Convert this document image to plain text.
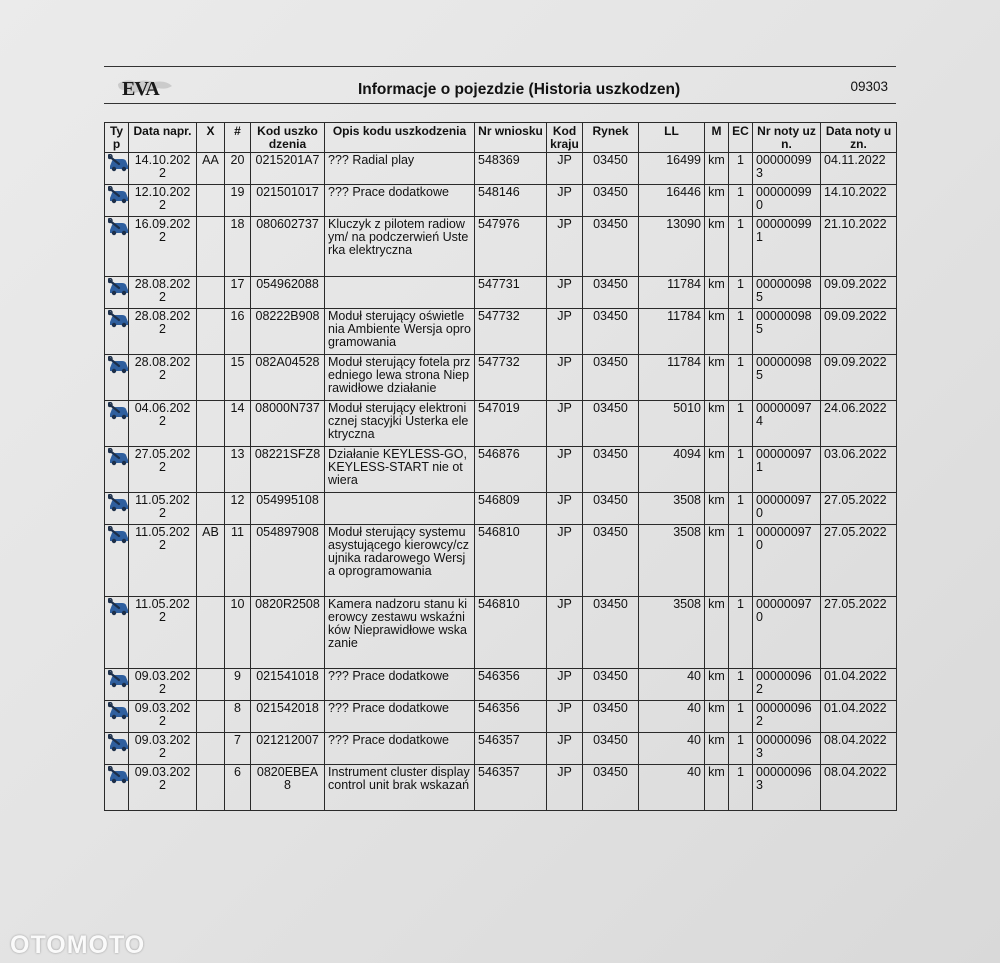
EVA	Informacje o pojezdzie (Historia uszkodzen)	09303
Typ	Data napr.	X	#	Kod uszkodzenia	Opis kodu uszkodzenia	Nr wniosku	Kod kraju	Rynek	LL	M	EC	Nr noty uzn.	Data noty uzn.
	14.10.2022	AA	20	0215201A7	??? Radial play	548369	JP	03450	16499	km	1	000000993	04.11.2022
	12.10.2022		19	021501017	??? Prace dodatkowe	548146	JP	03450	16446	km	1	000000990	14.10.2022
	16.09.2022		18	080602737	Kluczyk z pilotem radiowym/ na podczerwień Usterka elektryczna	547976	JP	03450	13090	km	1	000000991	21.10.2022
	28.08.2022		17	054962088		547731	JP	03450	11784	km	1	000000985	09.09.2022
	28.08.2022		16	08222B908	Moduł sterujący oświetlenia Ambiente Wersja oprogramowania	547732	JP	03450	11784	km	1	000000985	09.09.2022
	28.08.2022		15	082A04528	Moduł sterujący fotela przedniego lewa strona Nieprawidłowe działanie	547732	JP	03450	11784	km	1	000000985	09.09.2022
	04.06.2022		14	08000N737	Moduł sterujący elektronicznej stacyjki Usterka elektryczna	547019	JP	03450	5010	km	1	000000974	24.06.2022
	27.05.2022		13	08221SFZ8	Działanie KEYLESS-GO, KEYLESS-START nie otwiera	546876	JP	03450	4094	km	1	000000971	03.06.2022
	11.05.2022		12	054995108		546809	JP	03450	3508	km	1	000000970	27.05.2022
	11.05.2022	AB	11	054897908	Moduł sterujący systemu asystującego kierowcy/czujnika radarowego Wersja oprogramowania	546810	JP	03450	3508	km	1	000000970	27.05.2022
	11.05.2022		10	0820R2508	Kamera nadzoru stanu kierowcy zestawu wskaźników Nieprawidłowe wskazanie	546810	JP	03450	3508	km	1	000000970	27.05.2022
	09.03.2022		9	021541018	??? Prace dodatkowe	546356	JP	03450	40	km	1	000000962	01.04.2022
	09.03.2022		8	021542018	??? Prace dodatkowe	546356	JP	03450	40	km	1	000000962	01.04.2022
	09.03.2022		7	021212007	??? Prace dodatkowe	546357	JP	03450	40	km	1	000000963	08.04.2022
	09.03.2022		6	0820EBEA8	Instrument cluster display control unit brak wskazań	546357	JP	03450	40	km	1	000000963	08.04.2022
OTOMOTO
